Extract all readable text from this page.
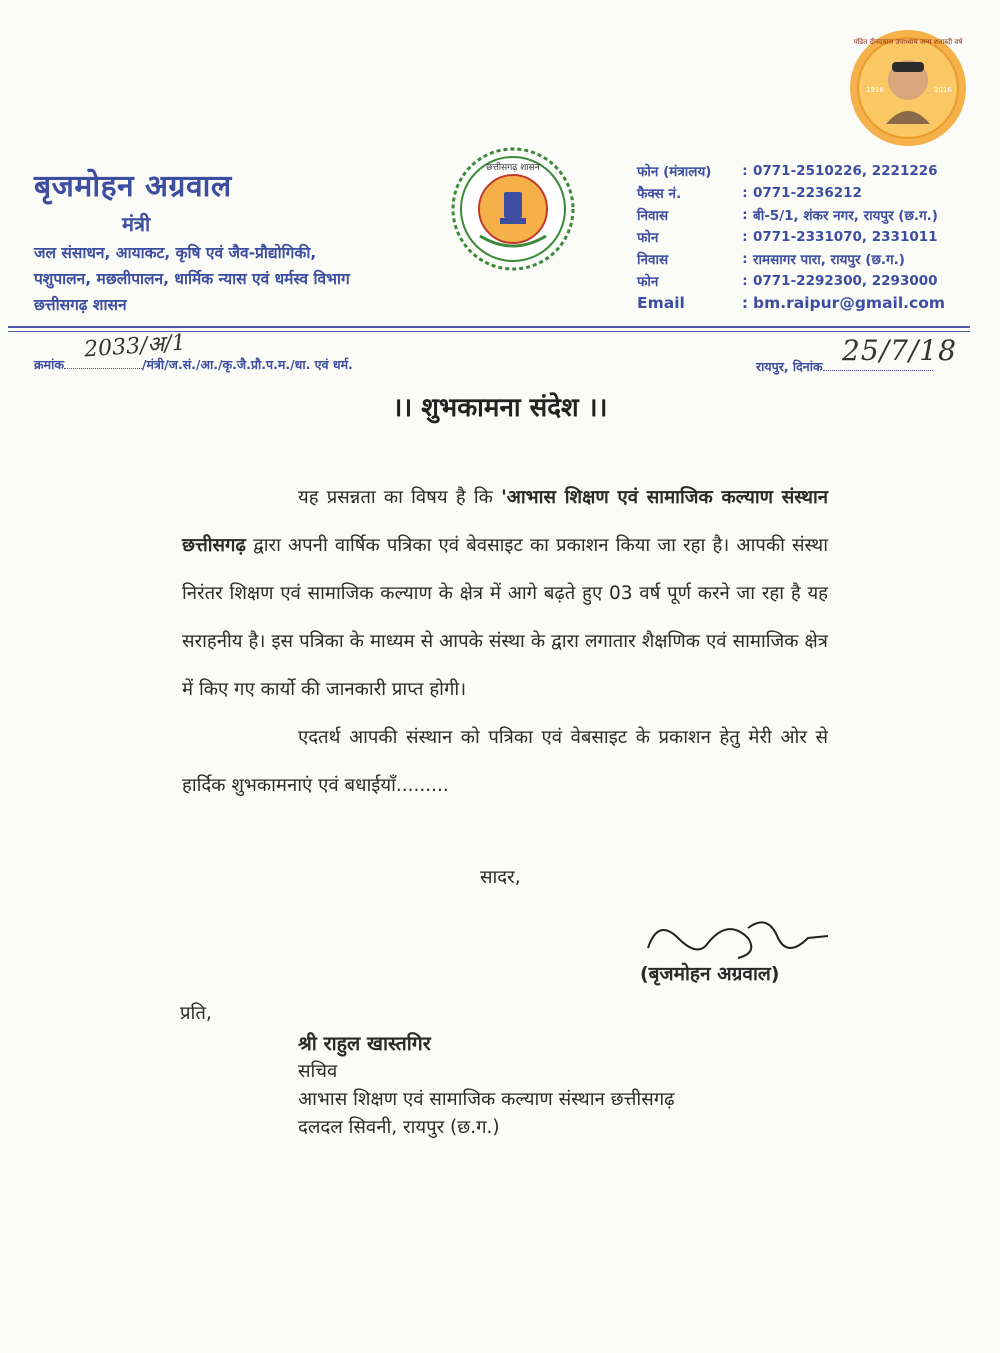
पंडित दीनदयाल उपाध्याय जन्म शताब्दी वर्ष
1916	2016
बृजमोहन अग्रवाल
मंत्री
जल संसाधन, आयाकट, कृषि एवं जैव-प्रौद्योगिकी,
पशुपालन, मछलीपालन, धार्मिक न्यास एवं धर्मस्व विभाग
छत्तीसगढ़ शासन
छत्तीसगढ़ शासन	फोन (मंत्रालय)	: 0771-2510226, 2221226
फैक्स नं.	: 0771-2236212
निवास	: बी-5/1, शंकर नगर, रायपुर (छ.ग.)
फोन	: 0771-2331070, 2331011
निवास	: रामसागर पारा, रायपुर (छ.ग.)
फोन	: 0771-2292300, 2293000
Email	: bm.raipur@gmail.com
2033/अ/1
क्रमांक	/मंत्री/ज.सं./आ./कृ.जै.प्रौ.प.म./धा. एवं धर्म.	25/7/18
रायपुर, दिनांक
।। शुभकामना संदेश ।।

यह प्रसन्नता का विषय है कि 'आभास शिक्षण एवं सामाजिक कल्याण संस्थान छत्तीसगढ़ द्वारा अपनी वार्षिक पत्रिका एवं बेवसाइट का प्रकाशन किया जा रहा है। आपकी संस्था निरंतर शिक्षण एवं सामाजिक कल्याण के क्षेत्र में आगे बढ़ते हुए 03 वर्ष पूर्ण करने जा रहा है यह सराहनीय है। इस पत्रिका के माध्यम से आपके संस्था के द्वारा लगातार शैक्षणिक एवं सामाजिक क्षेत्र में किए गए कार्यो की जानकारी प्राप्त होगी।

एदतर्थ आपकी संस्थान को पत्रिका एवं वेबसाइट के प्रकाशन हेतु मेरी ओर से हार्दिक शुभकामनाएं एवं बधाईयाँ.........

सादर,
(बृजमोहन अग्रवाल)
प्रति,
श्री राहुल खास्तगिर
सचिव
आभास शिक्षण एवं सामाजिक कल्याण संस्थान छत्तीसगढ़
दलदल सिवनी, रायपुर (छ.ग.)
